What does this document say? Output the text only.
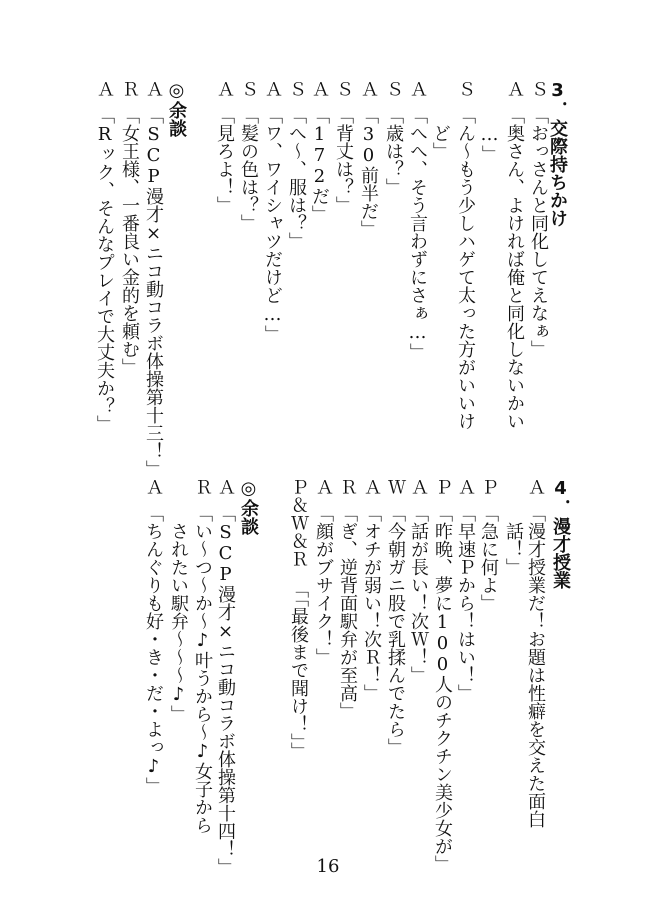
3．交際持ちかけ
Ｓ
「おっさんと同化してえなぁ」
Ａ
「奥さん、よければ俺と同化しないかい
…」
Ｓ
「ん～もう少しハゲて太った方がいいけ
ど」
Ａ
「へへ、そう言わずにさぁ…」
Ｓ
「歳は？」
Ａ
「30前半だ」
Ｓ
「背丈は？」
Ａ
「172だ」
Ｓ
「へ～、服は？」
Ａ
「ワ、ワイシャツだけど…」
Ｓ
「髪の色は？」
Ａ
「見ろよ！」
◎余談
Ａ
「SCP漫才×ニコ動コラボ体操第十三！」
Ｒ
「女王様、一番良い金的を頼む」
Ａ
「Rック、そんなプレイで大丈夫か？」
4．漫才授業
Ａ
「漫才授業だ！お題は性癖を交えた面白
話！」
Ｐ
「急に何よ」
Ａ
「早速Ｐから！はい！」
Ｐ
「昨晩、夢に100人のチクチン美少女が」
Ａ
「話が長い！次Ｗ！」
Ｗ
「今朝ガニ股で乳揉んでたら」
Ａ
「オチが弱い！次Ｒ！」
Ｒ
「ぎ、逆背面駅弁が至高」
Ａ
「顔がブサイク！」
Ｐ＆Ｗ＆Ｒ
「「最後まで聞け！」」
◎余談
Ａ
「SCP漫才×ニコ動コラボ体操第十四！」
Ｒ
「い～つ～か～♪叶うから～♪女子から
されたい駅弁～～～♪」
Ａ
「ちんぐりも好・き・だ・よっ♪」
16
